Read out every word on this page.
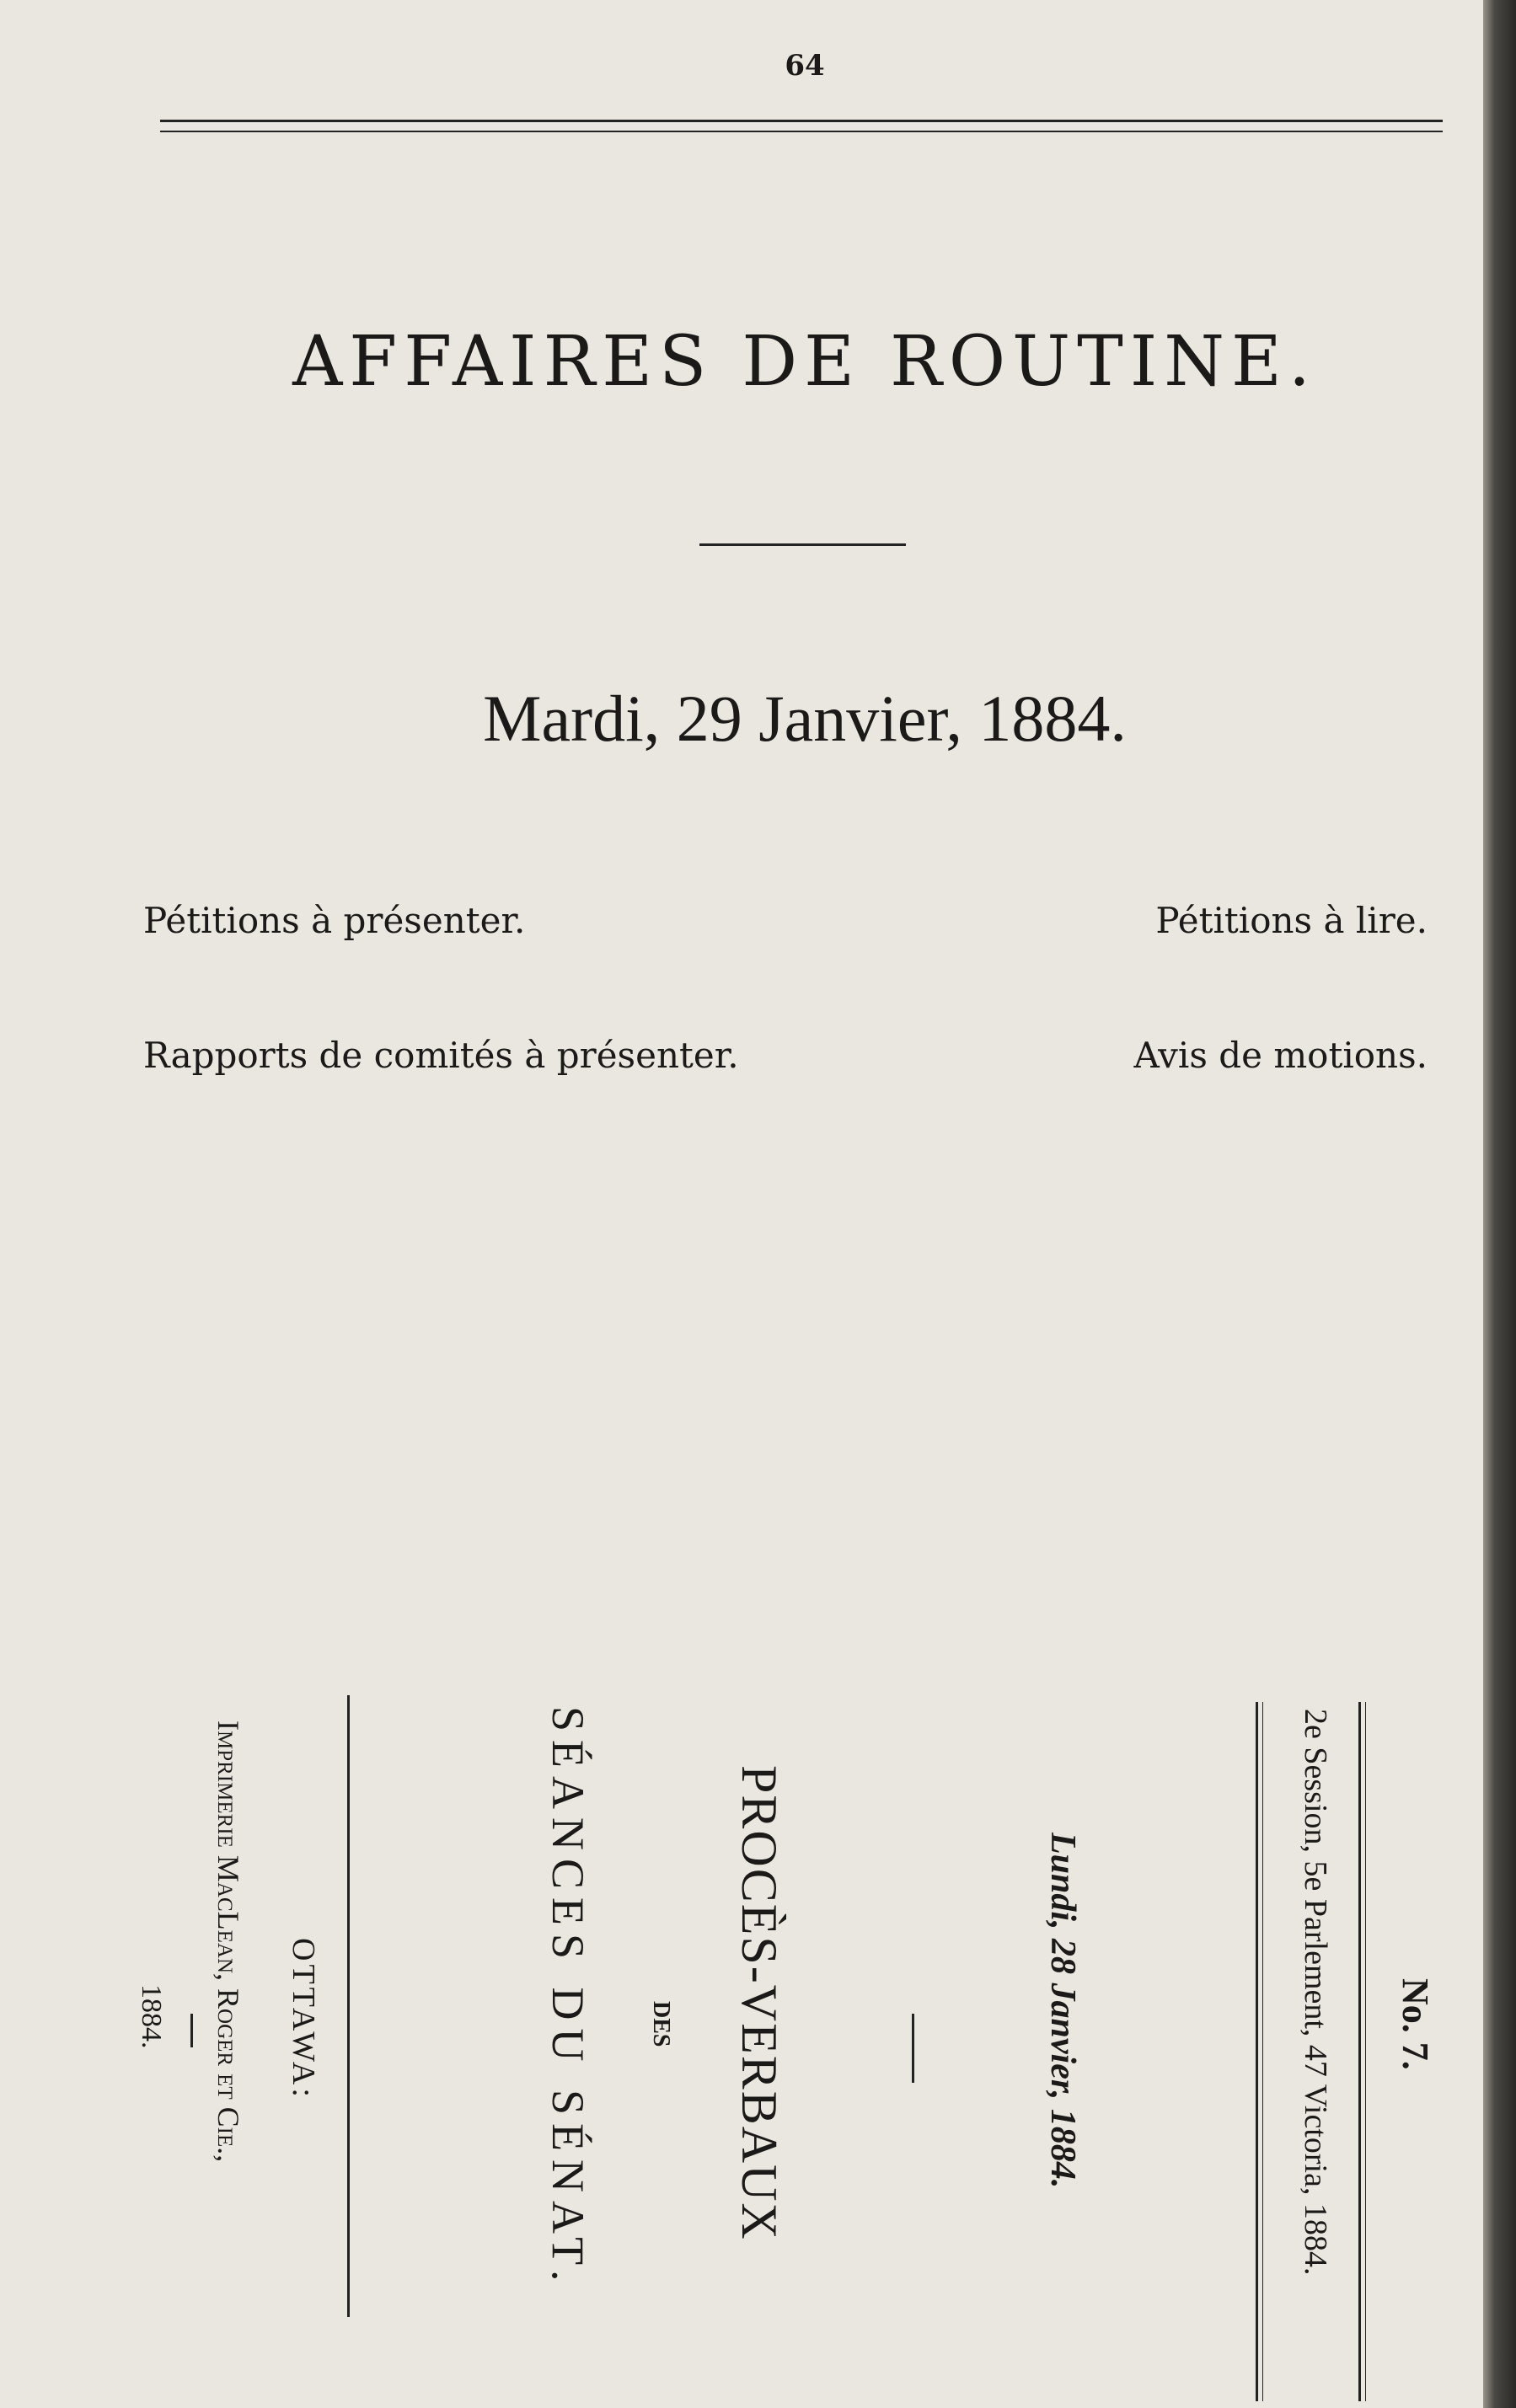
64
AFFAIRES DE ROUTINE.
Mardi, 29 Janvier, 1884.
Pétitions à présenter.	Pétitions à lire.
Rapports de comités à présenter.	Avis de motions.
No. 7.
2e Session, 5e Parlement, 47 Victoria, 1884.
Lundi, 28 Janvier, 1884.
PROCÈS-VERBAUX
DES
SÉANCES DU SÉNAT.
OTTAWA:
Imprimerie MacLean, Roger et Cie.,
1884.
